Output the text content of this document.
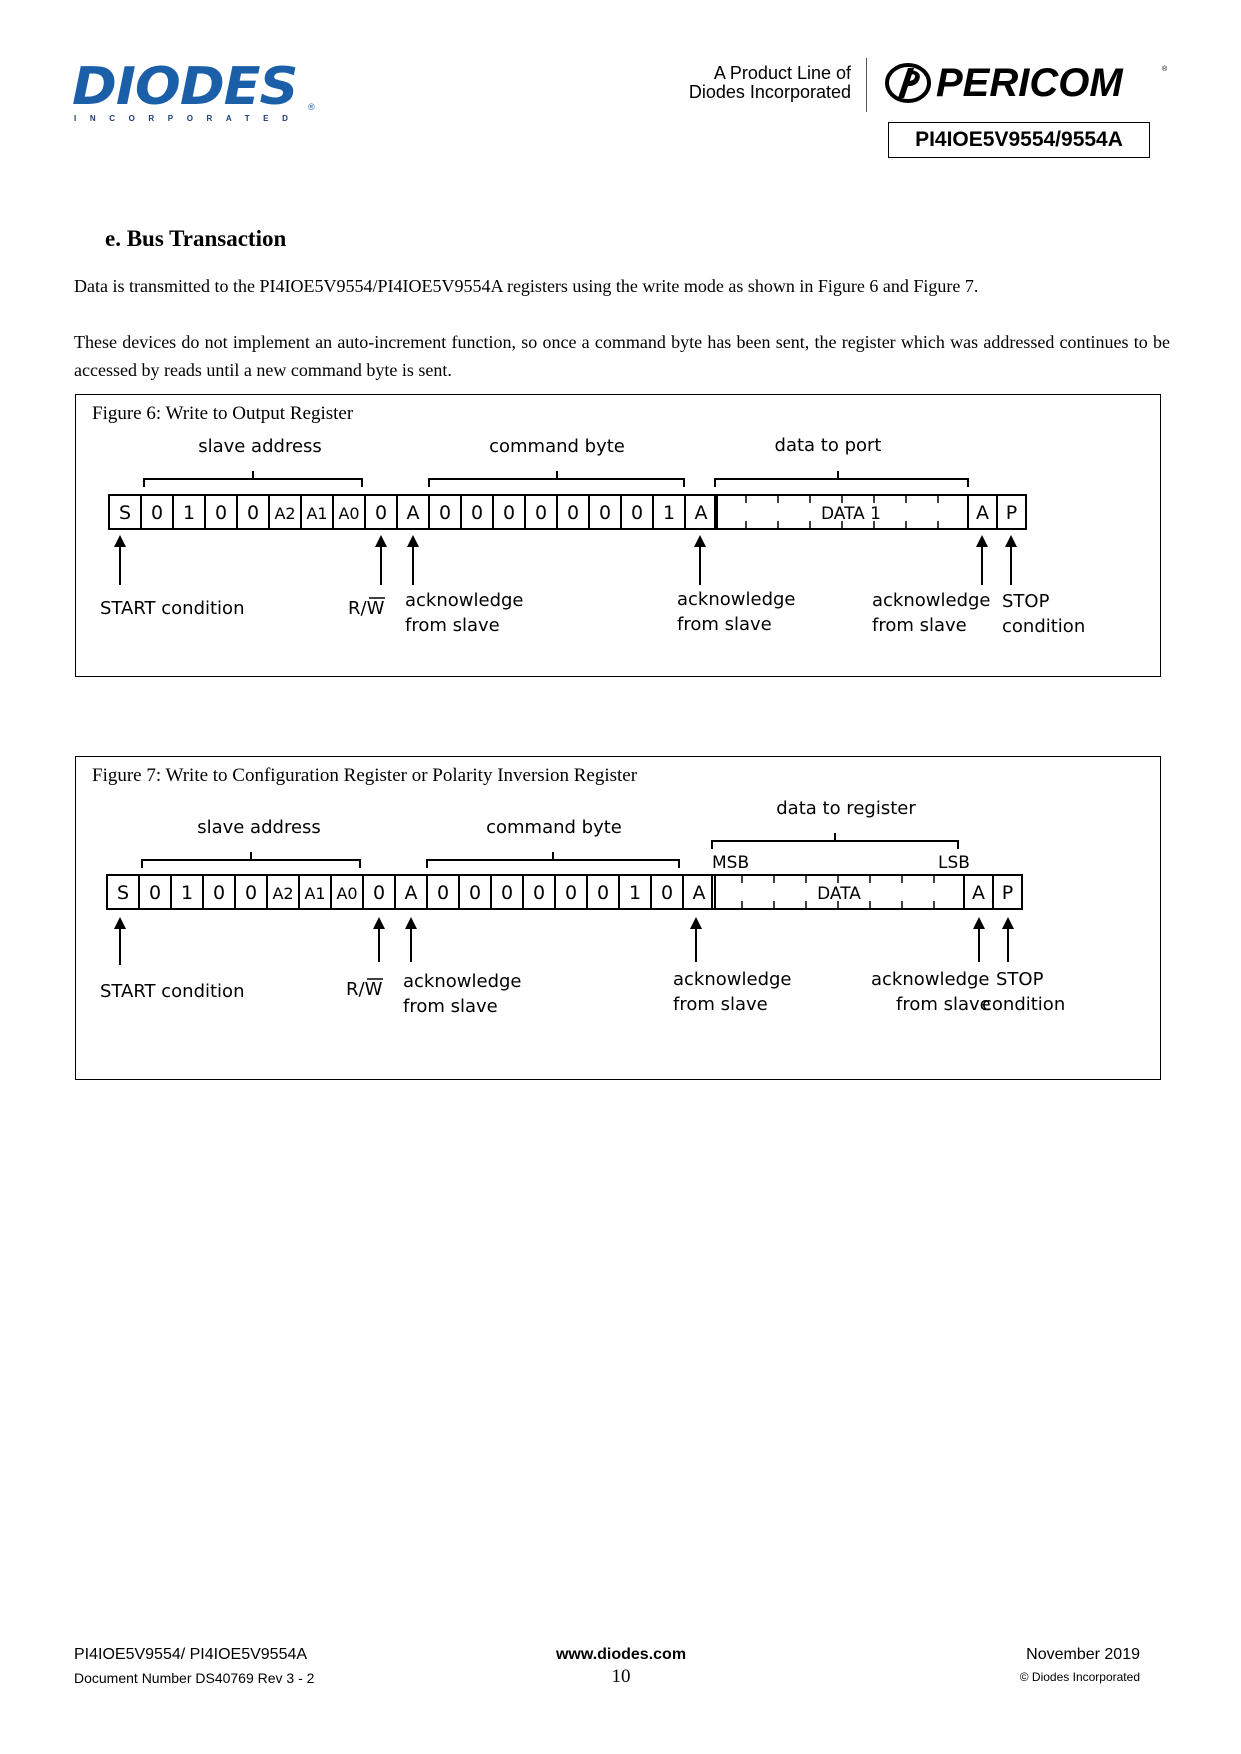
DIODES
INCORPORATED
®
A Product Line of
Diodes Incorporated PERICOM	®
PI4IOE5V9554/9554A
e. Bus Transaction
Data is transmitted to the PI4IOE5V9554/PI4IOE5V9554A registers using the write mode as shown in Figure 6 and Figure 7.
These devices do not implement an auto-increment function, so once a command byte has been sent, the register which was addressed continues to be accessed by reads until a new command byte is sent.
Figure 6: Write to Output Register
slave address	command byte	data to port
S 0 1 0 0 A2 A1 A0 0 A 0 0 0 0 0 0 0 1 A	DATA 1	A P
START condition	R/W acknowledge
from slave
acknowledge
from slave
acknowledge
from slave
STOP
condition
Figure 7: Write to Configuration Register or Polarity Inversion Register
slave address	command byte
data to register
MSB	LSB
S 0 1 0 0 A2 A1 A0 0 A 0 0 0 0 0 0 1 0 A	DATA	A P
START condition	R/W acknowledge
from slave
acknowledge
from slave
acknowledge
from slave
STOP
condition
PI4IOE5V9554/ PI4IOE5V9554A
Document Number DS40769 Rev 3 - 2
www.diodes.com
10
November 2019
© Diodes Incorporated
